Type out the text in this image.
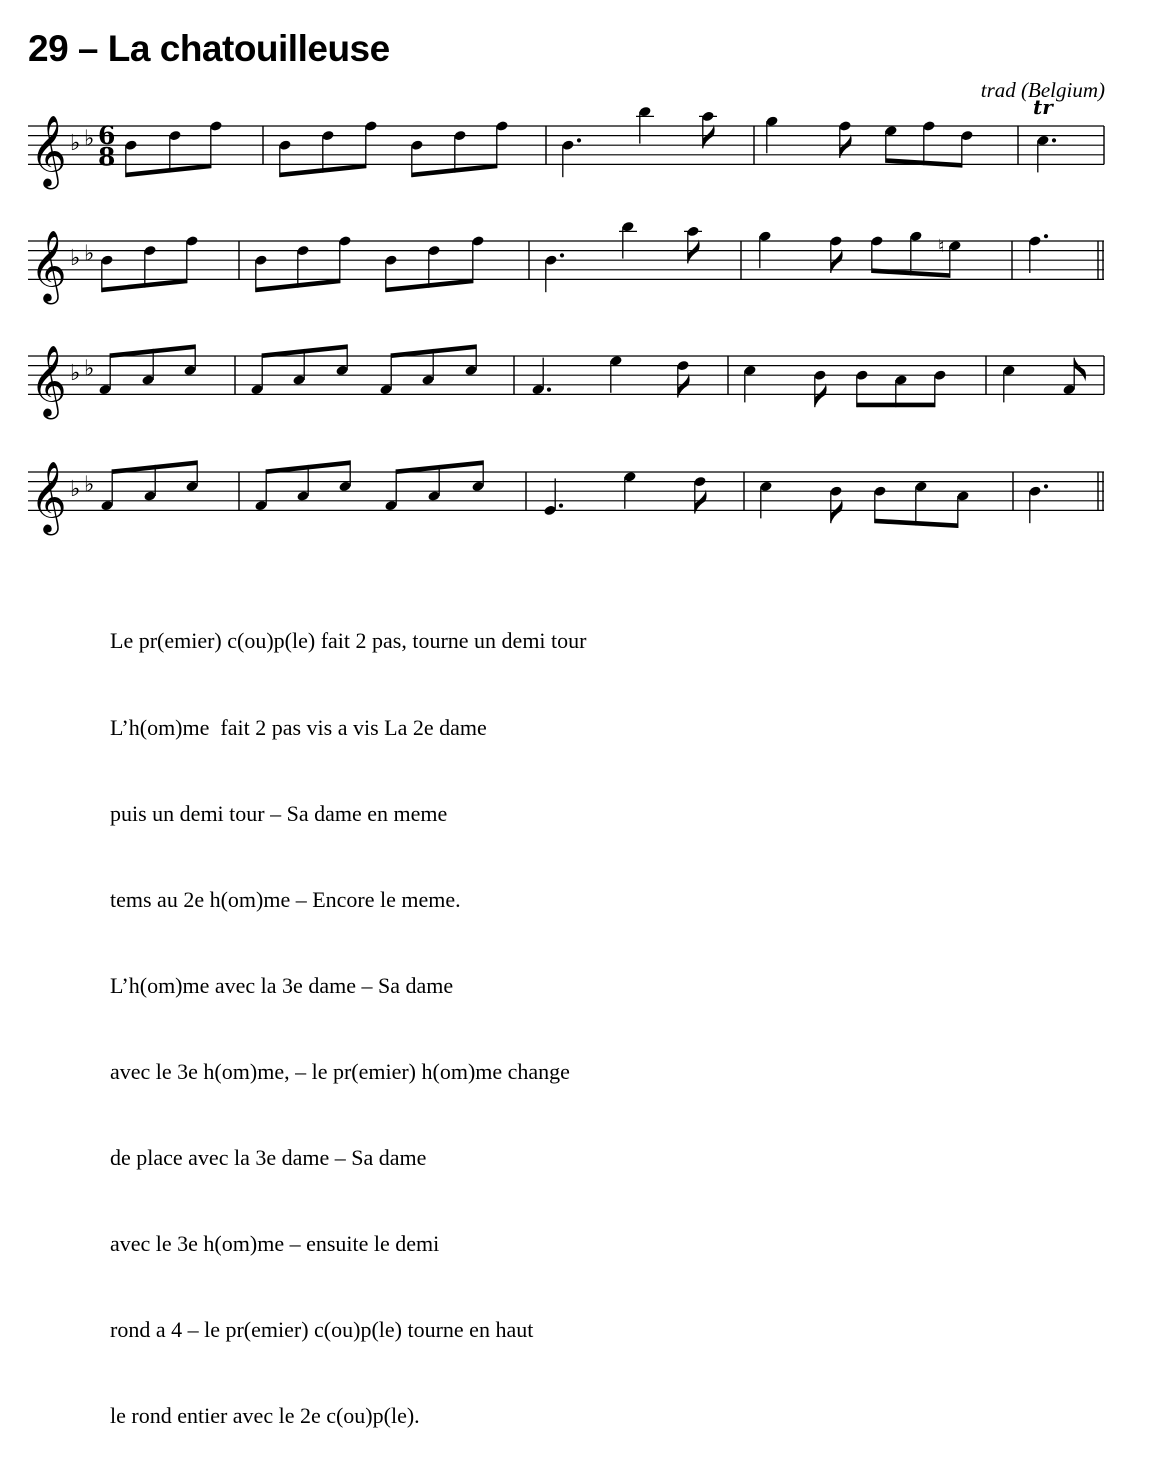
29 – La chatouilleuse
trad (Belgium)
𝄞 ♭ ♭ 6
8
tr
𝄞 ♭ ♭	♮
𝄞 ♭ ♭
𝄞 ♭ ♭

Le pr(emier) c(ou)p(le) fait 2 pas, tourne un demi tour

L’h(om)me  fait 2 pas vis a vis La 2e dame

puis un demi tour – Sa dame en meme

tems au 2e h(om)me – Encore le meme.

L’h(om)me avec la 3e dame – Sa dame

avec le 3e h(om)me, – le pr(emier) h(om)me change

de place avec la 3e dame – Sa dame

avec le 3e h(om)me – ensuite le demi

rond a 4 – le pr(emier) c(ou)p(le) tourne en haut

le rond entier avec le 2e c(ou)p(le).
